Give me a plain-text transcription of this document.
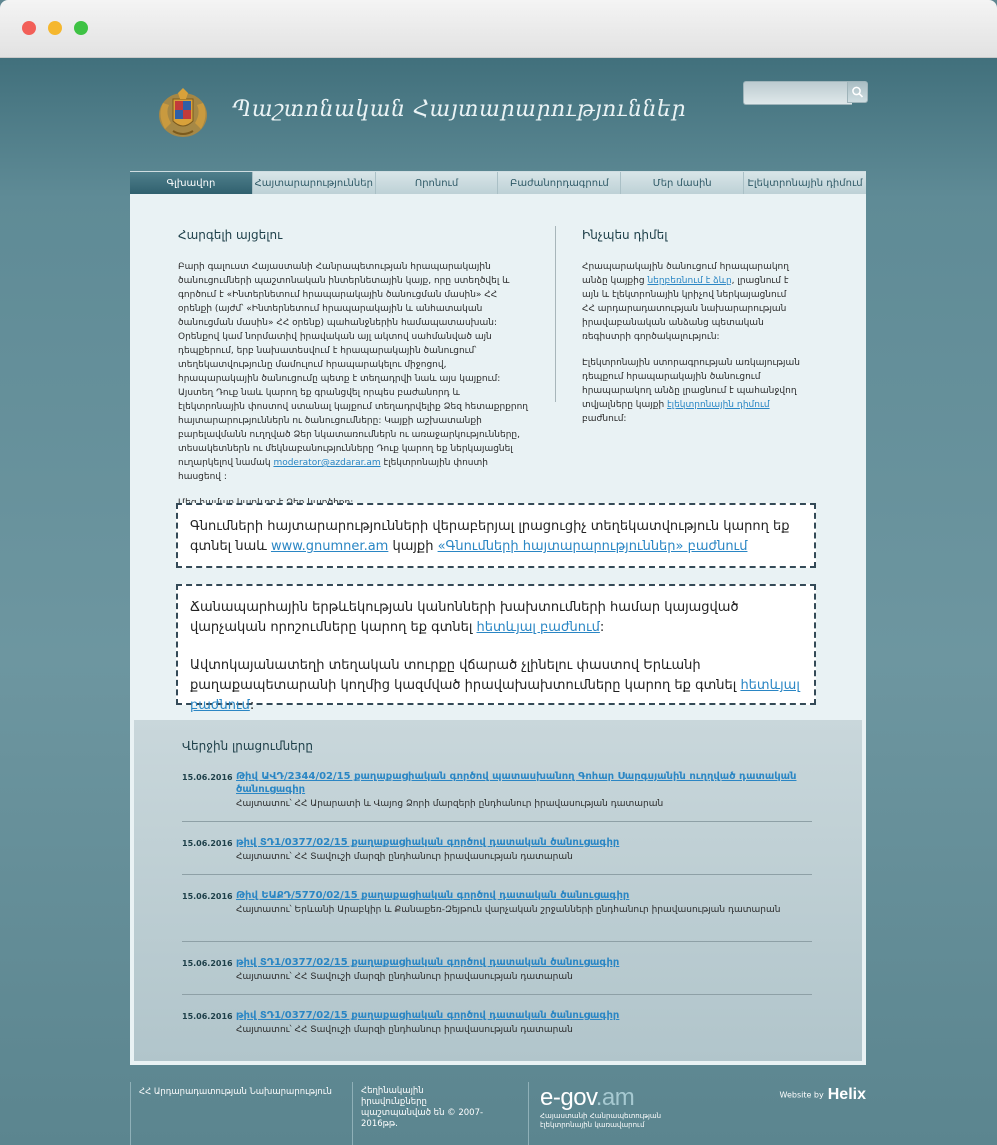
Պաշտոնական Հայտարարություններ
Գլխավոր	Հայտարարություններ	Որոնում	Բաժանորդագրում	Մեր մասին	Էլեկտրոնային դիմում
Հարգելի այցելու

Բարի գալուստ Հայաստանի Հանրապետության հրապարակային ծանուցումների պաշտոնական ինտերնետային կայք, որը ստեղծվել և գործում է «Ինտերնետում հրապարակային ծանուցման մասին» ՀՀ օրենքի (այժմ՝ «Ինտերնետում հրապարակային և անհատական ծանուցման մասին» ՀՀ օրենք) պահանջներին համապատասխան: Օրենքով կամ նորմատիվ իրավական այլ ակտով սահմանված այն դեպքերում, երբ նախատեսվում է հրապարակային ծանուցում՝ տեղեկատվությունը մամուլում հրապարակելու միջոցով, հրապարակային ծանուցումը պետք է տեղադրվի նաև այս կայքում: Այստեղ Դուք նաև կարող եք գրանցվել որպես բաժանորդ և էլեկտրոնային փոստով ստանալ կայքում տեղադրվելիք Ձեզ հետաքրքրող հայտարարություններն ու ծանուցումները: Կայքի աշխատանքի բարելավմանն ուղղված Ձեր նկատառումներն ու առաջարկությունները, տեսակետներն ու մեկնաբանությունները Դուք կարող եք ներկայացնել ուղարկելով նամակ moderator@azdarar.am էլեկտրոնային փոստի հասցեով :

Ինչպես դիմել

Հրապարակային ծանուցում հրապարակող անձը կայքից ներբեռնում է ձևը, լրացնում է այն և էլեկտրոնային կրիչով ներկայացնում ՀՀ արդարադատության նախարարության իրավաբանական անձանց պետական ռեգիստրի գործակալություն:

Էլեկտրոնային ստորագրության առկայության դեպքում հրապարակային ծանուցում հրապարակող անձը լրացնում է պահանջվող տվյալները կայքի էլեկտրոնային դիմում բաժնում:

Գնումների հայտարարությունների վերաբերյալ լրացուցիչ տեղեկատվություն կարող եք գտնել նաև www.gnumner.am կայքի «Գնումների հայտարարություններ» բաժնում

Ճանապարհային երթևեկության կանոնների խախտումների համար կայացված վարչական որոշումները կարող եք գտնել հետևյալ բաժնում:

Ավտոկայանատեղի տեղական տուրքը վճարած չլինելու փաստով Երևանի քաղաքապետարանի կողմից կազմված իրավախախտումները կարող եք գտնել հետևյալ բաժնում:

Վերջին լրացումները
15.06.2016 Թիվ ԱՎԴ/2344/02/15 քաղաքացիական գործով պատասխանող Գոհար Սարգսյանին ուղղված դատական ծանուցագիր
Հայտատու՝ ՀՀ Արարատի և Վայոց Ձորի մարզերի ընդհանուր իրավասության դատարան
15.06.2016 թիվ ՏԴ1/0377/02/15 քաղաքացիական գործով դատական ծանուցագիր
Հայտատու՝ ՀՀ Տավուշի մարզի ընդհանուր իրավասության դատարան
15.06.2016 Թիվ ԵԱՔԴ/5770/02/15 քաղաքացիական գործով դատական ծանուցագիր
Հայտատու՝ Երևանի Արաբկիր և Քանաքեռ-Զեյթուն վարչական շրջանների ընդհանուր իրավասության դատարան
15.06.2016 թիվ ՏԴ1/0377/02/15 քաղաքացիական գործով դատական ծանուցագիր
Հայտատու՝ ՀՀ Տավուշի մարզի ընդհանուր իրավասության դատարան
15.06.2016 թիվ ՏԴ1/0377/02/15 քաղաքացիական գործով դատական ծանուցագիր
Հայտատու՝ ՀՀ Տավուշի մարզի ընդհանուր իրավասության դատարան
ՀՀ Արդարադատության Նախարարություն	Հեղինակային իրավունքները պաշտպանված են © 2007-2016թթ.
e-gov.am
Հայաստանի Հանրապետության էլեկտրոնային կառավարում
Website by Helix
